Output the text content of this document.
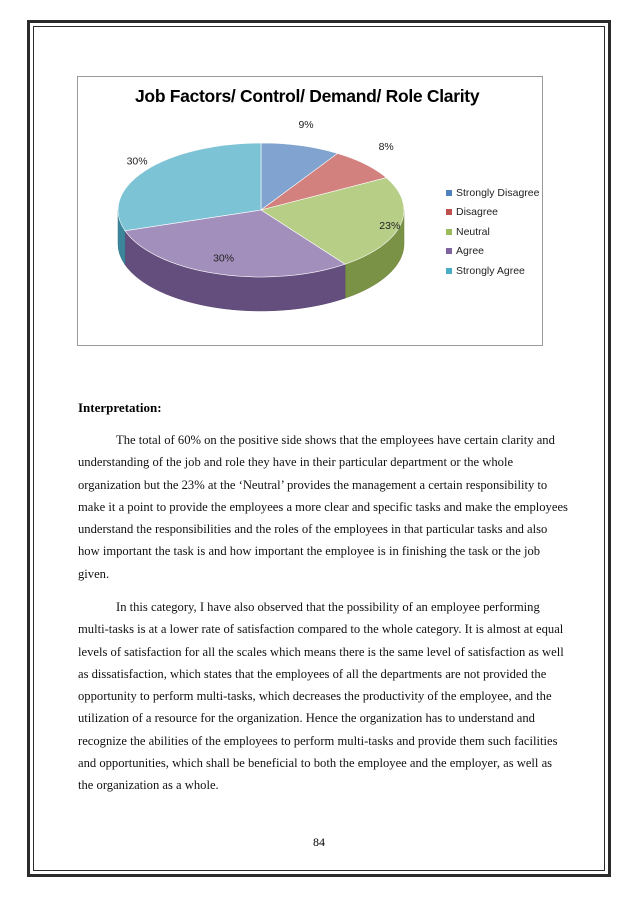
Job Factors/ Control/ Demand/ Role Clarity
9%
8%
23%
30%
30%
Strongly Disagree
Disagree
Neutral
Agree
Strongly Agree
Interpretation:

The total of 60% on the positive side shows that the employees have certain clarity and understanding of the job and role they have in their particular department or the whole organization but the 23% at the ‘Neutral’ provides the management a certain responsibility to make it a point to provide the employees a more clear and specific tasks and make the employees understand the responsibilities and the roles of the employees in that particular tasks and also how important the task is and how important the employee is in finishing the task or the job given.

In this category, I have also observed that the possibility of an employee performing multi-tasks is at a lower rate of satisfaction compared to the whole category. It is almost at equal levels of satisfaction for all the scales which means there is the same level of satisfaction as well as dissatisfaction, which states that the employees of all the departments are not provided the opportunity to perform multi-tasks, which decreases the productivity of the employee, and the utilization of a resource for the organization. Hence the organization has to understand and recognize the abilities of the employees to perform multi-tasks and provide them such facilities and opportunities, which shall be beneficial to both the employee and the employer, as well as the organization as a whole.

84
